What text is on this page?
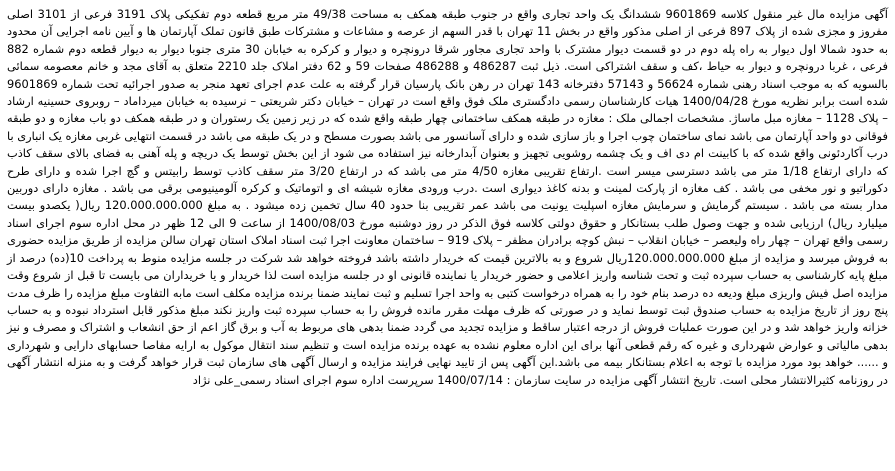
آگهی مزایده مال غیر منقول کلاسه 9601869 ششدانگ یک واحد تجاری واقع در جنوب طبقه همکف به مساحت 49/38 متر مربع قطعه دوم تفکیکی پلاک 3191 فرعی از 3101 اصلی مفروز و مجزی شده از پلاک 897 فرعی از اصلی مذکور واقع در بخش 11 تهران با قدر السهم از عرصه و مشاعات و مشترکات طبق قانون تملک آپارتمان ها و آیین نامه اجرایی آن محدود به حدود شمالا اول دیوار به راه پله دوم در دو قسمت دیوار مشترک با واحد تجاری مجاور شرقا درونچره و دیوار و کرکره به خیابان 30 متری جنوبا دیوار به دیوار قطعه دوم شماره 882 فرعی ، غربا درونچره و دیوار به حیاط ،کف و سقف اشتراکی است. ذیل ثبت 486287 و 486288 صفحات 59 و 62 دفتر املاک جلد 2210 متعلق به آقای مجد و خانم معصومه سمائی بالسویه که به موجب اسناد رهنی شماره 56624 و 57143 دفترخانه 143 تهران در رهن بانک پارسیان قرار گرفته به علت عدم اجرای تعهد منجر به صدور اجرائیه تحت شماره 9601869 شده است برابر نظریه مورخ 1400/04/28 هیات کارشناسان رسمی دادگستری ملک فوق واقع است در تهران – خیابان دکتر شریعتی – نرسیده به خیابان میرداماد – روبروی حسینیه ارشاد – پلاک 1128 – مغازه مبل ماساژ. مشخصات اجمالی ملک : مغازه در طبقه همکف ساختمانی چهار طبقه واقع شده که در زیر زمین یک رستوران و در طبقه همکف دو باب مغازه و دو طبقه فوقانی دو واحد آپارتمان می باشد نمای ساختمان چوب اجرا و باز سازی شده و دارای آسانسور می باشد بصورت مسطح و در یک طبقه می باشد در قسمت انتهایی غربی مغازه یک انباری با درب آکاردئونی واقع شده که با کابینت ام دی اف و یک چشمه روشویی تجهیز و بعنوان آبدارخانه نیز استفاده می شود از این بخش توسط یک دریچه و پله آهنی به فضای بالای سقف کاذب که دارای ارتفاع 1/18 متر می باشد دسترسی میسر است .ارتفاع تقریبی مغازه 4/50 متر می باشد که در ارتفاع 3/20 متر سقف کاذب توسط رابیتس و گچ اجرا شده و دارای طرح دکوراتیو و نور مخفی می باشد . کف مغازه از پارکت لمینت و بدنه کاغذ دیواری است .درب ورودی مغازه شیشه ای و اتوماتیک و کرکره آلومینیومی برقی می باشد . مغازه دارای دوربین مدار بسته می باشد . سیستم گرمایش و سرمایش مغازه اسپلیت یونیت می باشد عمر تقریبی بنا حدود 40 سال تخمین زده میشود . به مبلغ 120.000.000.000 ریال( یکصدو بیست میلیارد ریال) ارزیابی شده و جهت وصول طلب بستانکار و حقوق دولتی کلاسه فوق الذکر در روز دوشنبه مورخ 1400/08/03 از ساعت 9 الی 12 ظهر در محل اداره سوم اجرای اسناد رسمی واقع تهران – چهار راه ولیعصر – خیابان انقلاب – نبش کوچه برادران مظفر – پلاک 919 – ساختمان معاونت اجرا ثبت اسناد املاک استان تهران سالن مزایده از طریق مزایده حضوری به فروش میرسد و مزایده از مبلغ 120.000.000.000ریال شروع و به بالاترین قیمت که خریدار داشته باشد فروخته خواهد شد شرکت در جلسه مزایده منوط به پرداخت 10(ده) درصد از مبلغ پایه کارشناسی به حساب سپرده ثبت و تحت شناسه واریز اعلامی و حضور خریدار یا نماینده قانونی او در جلسه مزایده است لذا خریدار و یا خریداران می بایست تا قبل از شروع وقت مزایده اصل فیش واریزی مبلغ ودیعه ده درصد بنام خود را به همراه درخواست کتبی به واحد اجرا تسلیم و ثبت نمایند ضمنا برنده مزایده مکلف است مابه التفاوت مبلغ مزایده را ظرف مدت پنج روز از تاریخ مزایده به حساب صندوق ثبت توسط نماید و در صورتی که ظرف مهلت مقرر مانده فروش را به حساب سپرده ثبت واریز نکند مبلغ مذکور قابل استرداد نبوده و به حساب خزانه واریز خواهد شد و در این صورت عملیات فروش از درجه اعتبار ساقط و مزایده تجدید می گردد ضمنا بدهی های مربوط به آب و برق گاز اعم از حق انشعاب و اشتراک و مصرف و نیز بدهی مالیاتی و عوارض شهرداری و غیره که رقم قطعی آنها برای این اداره معلوم نشده به عهده برنده مزایده است و تنظیم سند انتقال موکول به ارایه مفاصا حسابهای دارایی و شهرداری و ...... خواهد بود مورد مزایده با توجه به اعلام بستانکار بیمه می باشد.این آگهی پس از تایید نهایی فرایند مزایده و ارسال آگهی های سازمان ثبت قرار خواهد گرفت و به منزله انتشار آگهی در روزنامه کثیرالانتشار محلی است. تاریخ انتشار آگهی مزایده در سایت سازمان : 1400/07/14 سرپرست اداره سوم اجرای اسناد رسمی_علی نژاد
